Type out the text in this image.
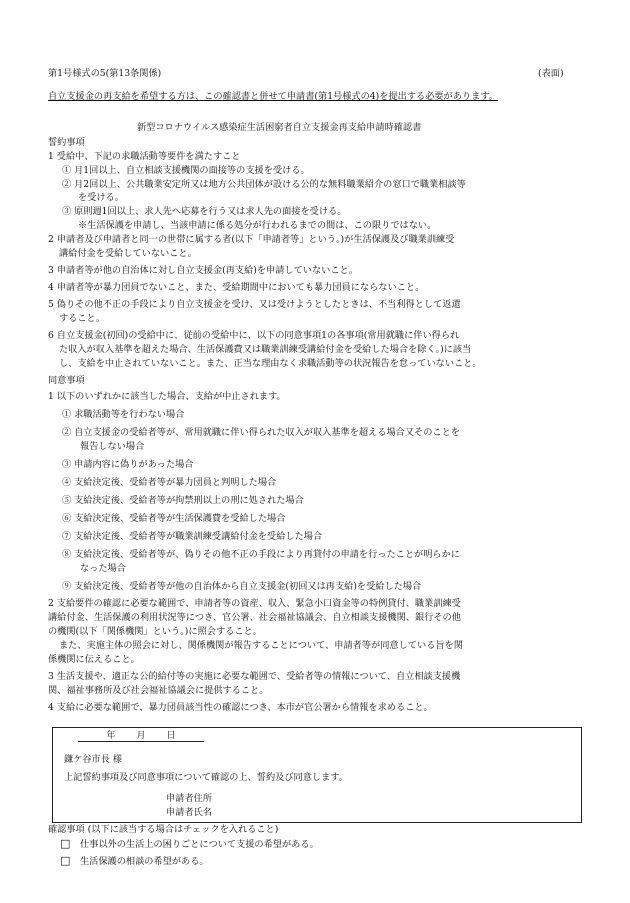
第1号様式の5(第13条関係)	(表面)
自立支援金の再支給を希望する方は、この確認書と併せて申請書(第1号様式の4)を提出する必要があります。
新型コロナウイルス感染症生活困窮者自立支援金再支給申請時確認書
誓約事項
1 受給中、下記の求職活動等要件を満たすこと
① 月1回以上、自立相談支援機関の面接等の支援を受ける。
② 月2回以上、公共職業安定所又は地方公共団体が設ける公的な無料職業紹介の窓口で職業相談等
を受ける。
③ 原則週1回以上、求人先へ応募を行う又は求人先の面接を受ける。
※生活保護を申請し、当該申請に係る処分が行われるまでの間は、この限りではない。
2 申請者及び申請者と同一の世帯に属する者(以下「申請者等」という。)が生活保護及び職業訓練受
講給付金を受給していないこと。
3 申請者等が他の自治体に対し自立支援金(再支給)を申請していないこと。
4 申請者等が暴力団員でないこと、また、受給期間中においても暴力団員にならないこと。
5 偽りその他不正の手段により自立支援金を受け、又は受けようとしたときは、不当利得として返還
すること。
6 自立支援金(初回)の受給中に、従前の受給中に、以下の同意事項1の各事項(常用就職に伴い得られ
た収入が収入基準を超えた場合、生活保護費又は職業訓練受講給付金を受給した場合を除く。)に該当
し、支給を中止されていないこと。また、正当な理由なく求職活動等の状況報告を怠っていないこと。
同意事項
1 以下のいずれかに該当した場合、支給が中止されます。
① 求職活動等を行わない場合
② 自立支援金の受給者等が、常用就職に伴い得られた収入が収入基準を超える場合又そのことを
報告しない場合
③ 申請内容に偽りがあった場合
④ 支給決定後、受給者等が暴力団員と判明した場合
⑤ 支給決定後、受給者等が拘禁刑以上の刑に処された場合
⑥ 支給決定後、受給者等が生活保護費を受給した場合
⑦ 支給決定後、受給者等が職業訓練受講給付金を受給した場合
⑧ 支給決定後、受給者等が、偽りその他不正の手段により再貸付の申請を行ったことが明らかに
なった場合
⑨ 支給決定後、受給者等が他の自治体から自立支援金(初回又は再支給)を受給した場合
2 支給要件の確認に必要な範囲で、申請者等の資産、収入、緊急小口資金等の特例貸付、職業訓練受
講給付金、生活保護の利用状況等につき、官公署、社会福祉協議会、自立相談支援機関、銀行その他
の機関(以下「関係機関」という。)に照会すること。
また、実施主体の照会に対し、関係機関が報告することについて、申請者等が同意している旨を関
係機関に伝えること。
3 生活支援や、適正な公的給付等の実施に必要な範囲で、受給者等の情報について、自立相談支援機
関、福祉事務所及び社会福祉協議会に提供すること。
4 支給に必要な範囲で、暴力団員該当性の確認につき、本市が官公署から情報を求めること。
年 月 日
鎌ケ谷市長 様
上記誓約事項及び同意事項について確認の上、誓約及び同意します。
申請者住所
申請者氏名
確認事項 (以下に該当する場合はチェックを入れること)
□ 仕事以外の生活上の困りごとについて支援の希望がある。
□ 生活保護の相談の希望がある。
